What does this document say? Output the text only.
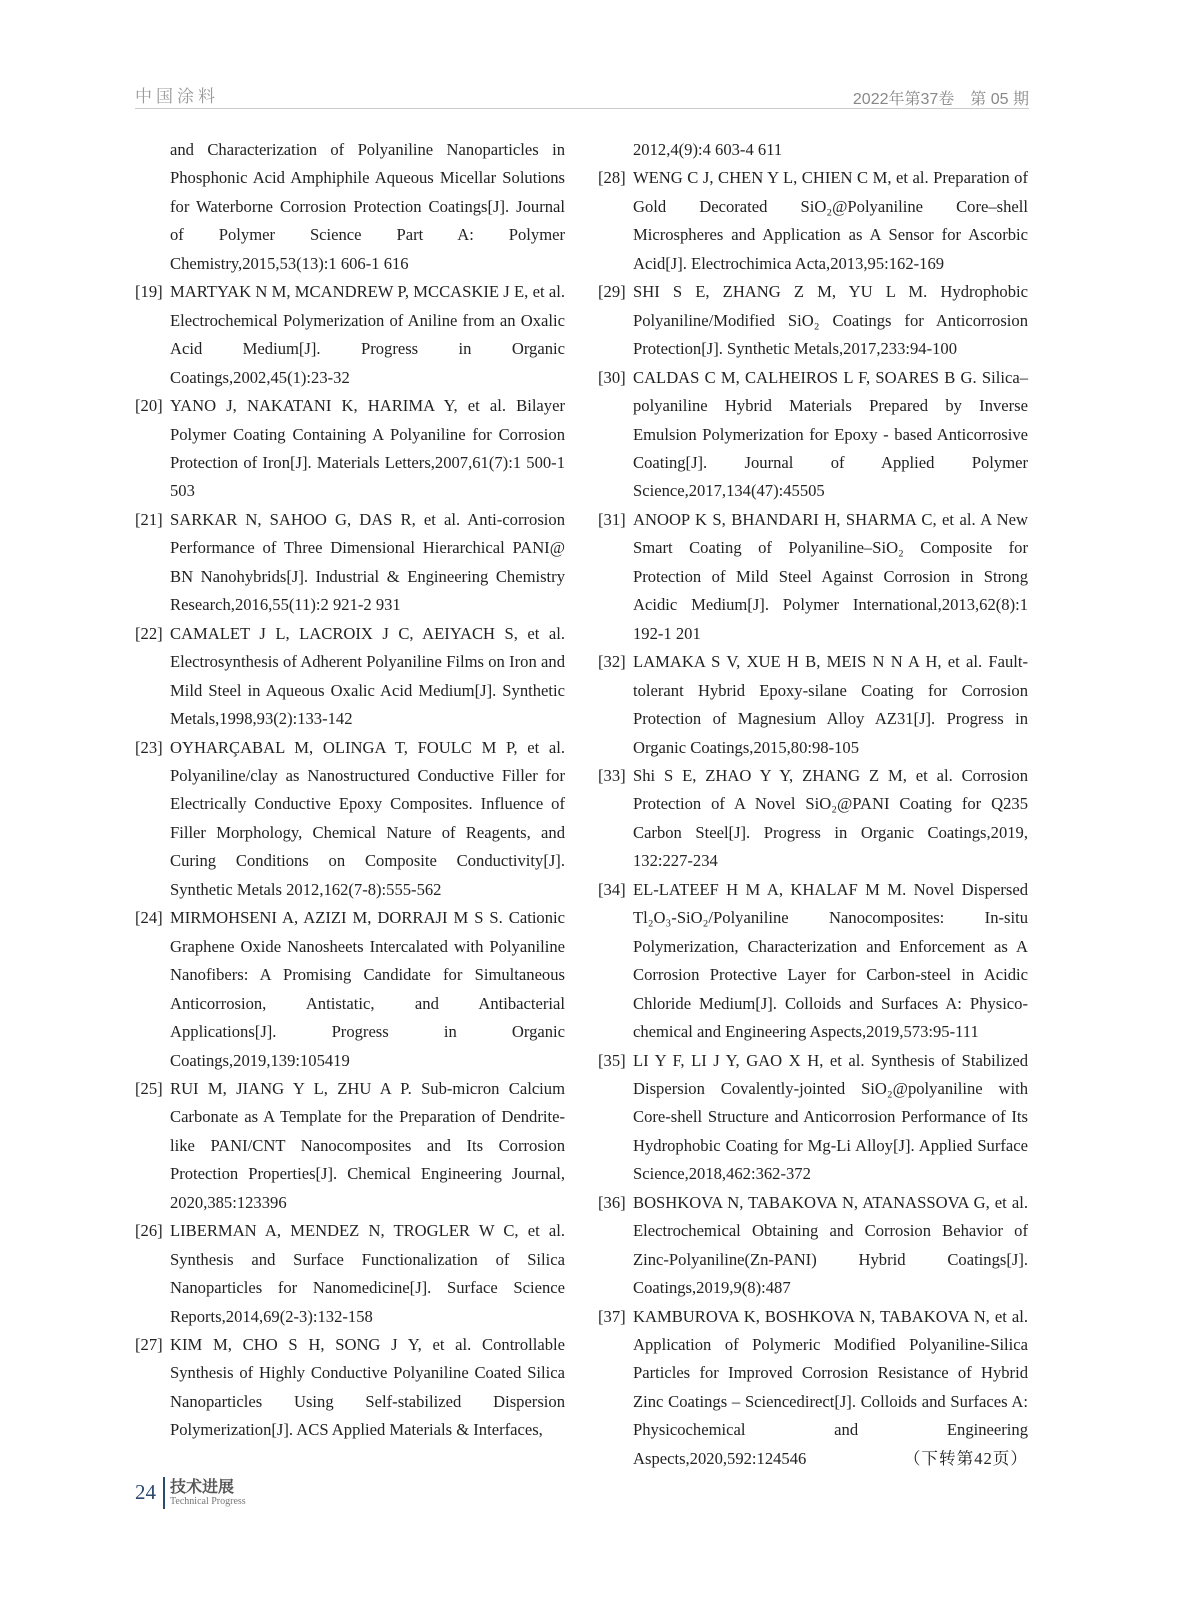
中国涂料	2022年第37卷　第 05 期
and Characterization of Polyaniline Nanoparticles in Phosphonic Acid Amphiphile Aqueous Micellar Solutions for Waterborne Corrosion Protection Coatings[J]. Journal of Polymer Science Part A: Polymer Chemistry,2015,53(13):1 606-1 616
[19] MARTYAK N M, MCANDREW P, MCCASKIE J E, et al. Electrochemical Polymerization of Aniline from an Oxalic Acid Medium[J]. Progress in Organic Coatings,2002,45(1):23-32
[20] YANO J, NAKATANI K, HARIMA Y, et al. Bilayer Polymer Coating Containing A Polyaniline for Corrosion Protection of Iron[J]. Materials Letters,2007,61(7):1 500-1 503
[21] SARKAR N, SAHOO G, DAS R, et al. Anti-corrosion Performance of Three Dimensional Hierarchical PANI@ BN Nanohybrids[J]. Industrial & Engineering Chemistry Research,2016,55(11):2 921-2 931
[22] CAMALET J L, LACROIX J C, AEIYACH S, et al. Electrosynthesis of Adherent Polyaniline Films on Iron and Mild Steel in Aqueous Oxalic Acid Medium[J]. Synthetic Metals,1998,93(2):133-142
[23] OYHARÇABAL M, OLINGA T, FOULC M P, et al. Polyaniline/clay as Nanostructured Conductive Filler for Electrically Conductive Epoxy Composites. Influence of Filler Morphology, Chemical Nature of Reagents, and Curing Conditions on Composite Conductivity[J]. Synthetic Metals 2012,162(7-8):555-562
[24] MIRMOHSENI A, AZIZI M, DORRAJI M S S. Cationic Graphene Oxide Nanosheets Intercalated with Polyaniline Nanofibers: A Promising Candidate for Simultaneous Anticorrosion, Antistatic, and Antibacterial Applications[J]. Progress in Organic Coatings,2019,139:105419
[25] RUI M, JIANG Y L, ZHU A P. Sub-micron Calcium Carbonate as A Template for the Preparation of Dendrite-like PANI/CNT Nanocomposites and Its Corrosion Protection Properties[J]. Chemical Engineering Journal, 2020,385:123396
[26] LIBERMAN A, MENDEZ N, TROGLER W C, et al. Synthesis and Surface Functionalization of Silica Nanoparticles for Nanomedicine[J]. Surface Science Reports,2014,69(2-3):132-158
[27] KIM M, CHO S H, SONG J Y, et al. Controllable Synthesis of Highly Conductive Polyaniline Coated Silica Nanoparticles Using Self-stabilized Dispersion Polymerization[J]. ACS Applied Materials & Interfaces,
2012,4(9):4 603-4 611
[28] WENG C J, CHEN Y L, CHIEN C M, et al. Preparation of Gold Decorated SiO₂@Polyaniline Core–shell Microspheres and Application as A Sensor for Ascorbic Acid[J]. Electrochimica Acta,2013,95:162-169
[29] SHI S E, ZHANG Z M, YU L M. Hydrophobic Polyaniline/Modified SiO₂ Coatings for Anticorrosion Protection[J]. Synthetic Metals,2017,233:94-100
[30] CALDAS C M, CALHEIROS L F, SOARES B G. Silica–polyaniline Hybrid Materials Prepared by Inverse Emulsion Polymerization for Epoxy - based Anticorrosive Coating[J]. Journal of Applied Polymer Science,2017,134(47):45505
[31] ANOOP K S, BHANDARI H, SHARMA C, et al. A New Smart Coating of Polyaniline–SiO₂ Composite for Protection of Mild Steel Against Corrosion in Strong Acidic Medium[J]. Polymer International,2013,62(8):1 192-1 201
[32] LAMAKA S V, XUE H B, MEIS N N A H, et al. Fault-tolerant Hybrid Epoxy-silane Coating for Corrosion Protection of Magnesium Alloy AZ31[J]. Progress in Organic Coatings,2015,80:98-105
[33] Shi S E, ZHAO Y Y, ZHANG Z M, et al. Corrosion Protection of A Novel SiO₂@PANI Coating for Q235 Carbon Steel[J]. Progress in Organic Coatings,2019, 132:227-234
[34] EL-LATEEF H M A, KHALAF M M. Novel Dispersed Tl₂O₃-SiO₂/Polyaniline Nanocomposites: In-situ Polymerization, Characterization and Enforcement as A Corrosion Protective Layer for Carbon-steel in Acidic Chloride Medium[J]. Colloids and Surfaces A: Physico-chemical and Engineering Aspects,2019,573:95-111
[35] LI Y F, LI J Y, GAO X H, et al. Synthesis of Stabilized Dispersion Covalently-jointed SiO₂@polyaniline with Core-shell Structure and Anticorrosion Performance of Its Hydrophobic Coating for Mg-Li Alloy[J]. Applied Surface Science,2018,462:362-372
[36] BOSHKOVA N, TABAKOVA N, ATANASSOVA G, et al. Electrochemical Obtaining and Corrosion Behavior of Zinc-Polyaniline(Zn-PANI) Hybrid Coatings[J]. Coatings,2019,9(8):487
[37] KAMBUROVA K, BOSHKOVA N, TABAKOVA N, et al. Application of Polymeric Modified Polyaniline-Silica Particles for Improved Corrosion Resistance of Hybrid Zinc Coatings – Sciencedirect[J]. Colloids and Surfaces A: Physicochemical and Engineering Aspects,2020,592:124546	（下转第42页）
24 技术进展
Technical Progress
